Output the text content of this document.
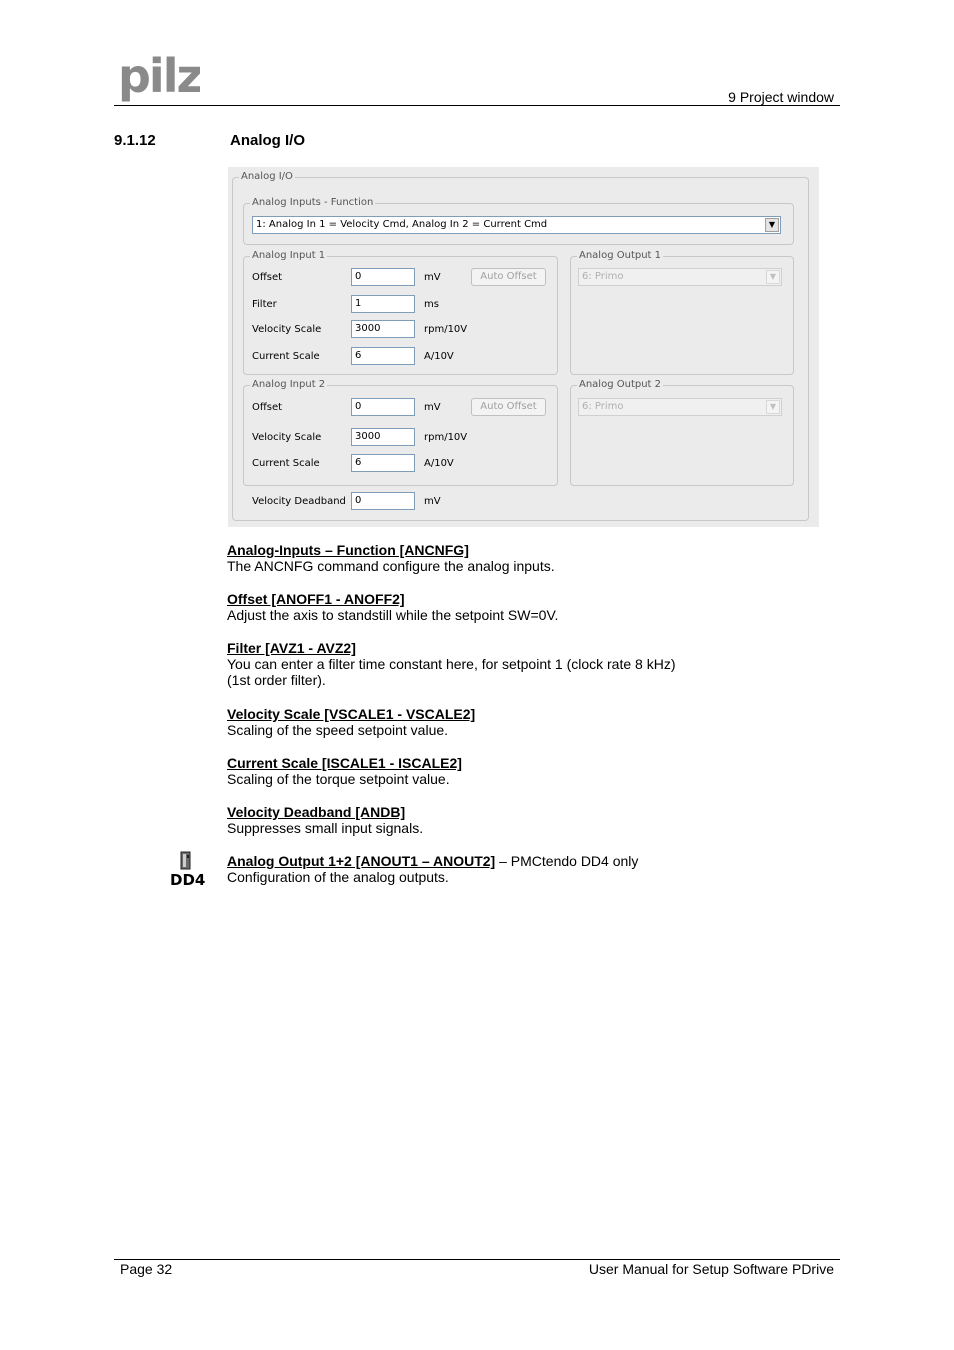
pilz	9 Project window
9.1.12	Analog I/O
Analog I/O
Analog Inputs - Function
1: Analog In 1 = Velocity Cmd, Analog In 2 = Current Cmd	▼
Analog Input 1
Offset	0	mV	Auto Offset
Filter	1	ms
Velocity Scale	3000	rpm/10V
Current Scale	6	A/10V
Analog Output 1
6: Primo	▼
Analog Input 2
Offset	0	mV	Auto Offset
Velocity Scale	3000	rpm/10V
Current Scale	6	A/10V
Analog Output 2
6: Primo	▼
Velocity Deadband 0	mV
Analog-Inputs – Function [ANCNFG]
The ANCNFG command configure the analog inputs.
Offset [ANOFF1 - ANOFF2]
Adjust the axis to standstill while the setpoint SW=0V.
Filter [AVZ1 - AVZ2]
You can enter a filter time constant here, for setpoint 1 (clock rate 8 kHz)
(1st order filter).
Velocity Scale [VSCALE1 - VSCALE2]
Scaling of the speed setpoint value.
Current Scale [ISCALE1 - ISCALE2]
Scaling of the torque setpoint value.
Velocity Deadband [ANDB]
Suppresses small input signals.
Analog Output 1+2 [ANOUT1 – ANOUT2] – PMCtendo DD4 only
Configuration of the analog outputs.
DD4
Page 32	User Manual for Setup Software PDrive
